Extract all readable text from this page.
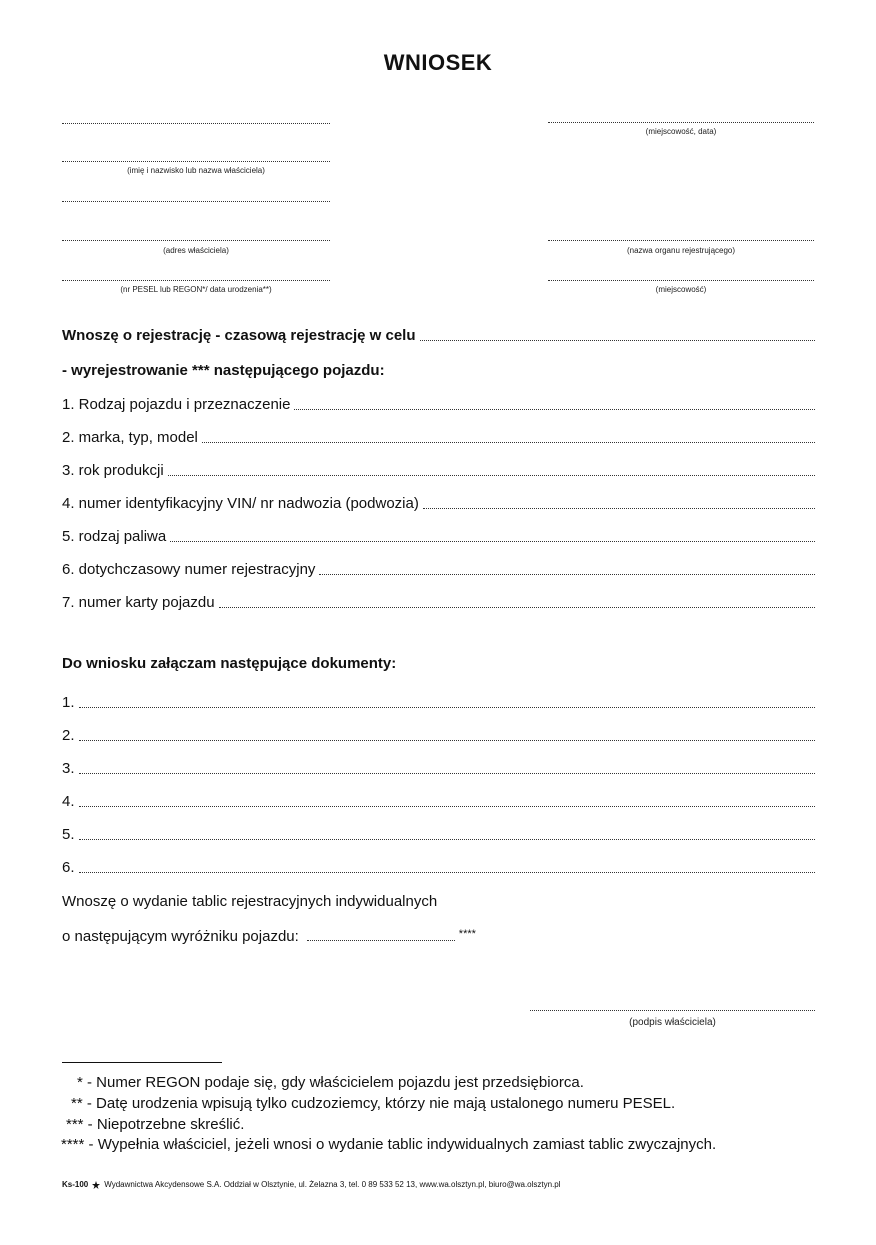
WNIOSEK
(imię i nazwisko lub nazwa właściciela)
(adres właściciela)
(nr PESEL lub REGON*/ data urodzenia**)
(miejscowość, data)
(nazwa organu rejestrującego)
(miejscowość)
Wnoszę o rejestrację - czasową rejestrację w celu
- wyrejestrowanie *** następującego pojazdu:
1. Rodzaj pojazdu i przeznaczenie
2. marka, typ, model
3. rok produkcji
4. numer identyfikacyjny VIN/ nr nadwozia (podwozia)
5. rodzaj paliwa
6. dotychczasowy numer rejestracyjny
7. numer karty pojazdu
Do wniosku załączam następujące dokumenty:
1.
2.
3.
4.
5.
6.
Wnoszę o wydanie tablic rejestracyjnych indywidualnych
o następującym wyróżniku pojazdu:	****
(podpis właściciela)
* - Numer REGON podaje się, gdy właścicielem pojazdu jest przedsiębiorca.
** - Datę urodzenia wpisują tylko cudzoziemcy, którzy nie mają ustalonego numeru PESEL.
*** - Niepotrzebne skreślić.
**** - Wypełnia właściciel, jeżeli wnosi o wydanie tablic indywidualnych zamiast tablic zwyczajnych.
Ks-100 Wydawnictwa Akcydensowe S.A. Oddział w Olsztynie, ul. Żelazna 3, tel. 0 89 533 52 13, www.wa.olsztyn.pl, biuro@wa.olsztyn.pl
